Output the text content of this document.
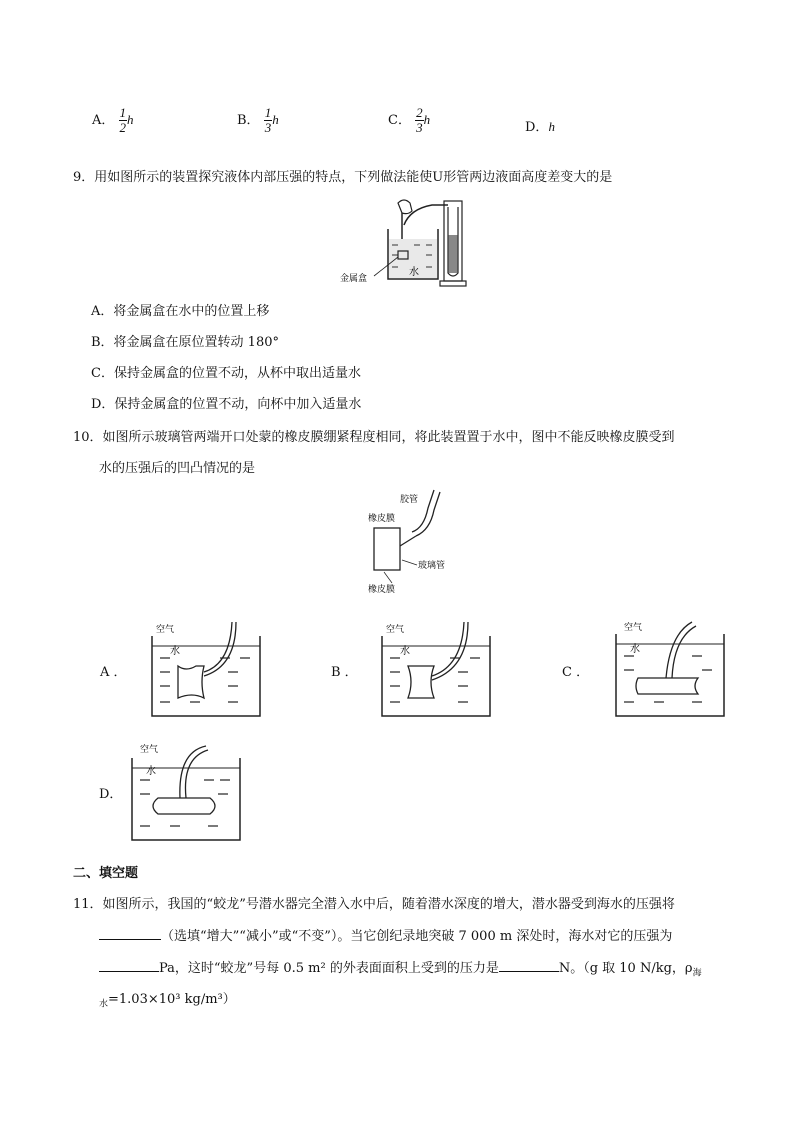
A． $\frac{1}{2}$ h	B． $\frac{1}{3}$ h	C． $\frac{2}{3}$ h
D．h
9．用如图所示的装置探究液体内部压强的特点，下列做法能使U形管两边液面高度差变大的是
金属盒
水
A．将金属盒在水中的位置上移
B．将金属盒在原位置转动 180°
C．保持金属盒的位置不动，从杯中取出适量水
D．保持金属盒的位置不动，向杯中加入适量水
10．如图所示玻璃管两端开口处蒙的橡皮膜绷紧程度相同，将此装置置于水中，图中不能反映橡皮膜受到
水的压强后的凹凸情况的是
胶管
橡皮膜
玻璃管
橡皮膜
A ．
空气
水
B ．
空气
水
C ．
空气
水
D．
空气
水
二、填空题
11．如图所示，我国的“蛟龙”号潜水器完全潜入水中后，随着潜水深度的增大，潜水器受到海水的压强将
（选填“增大”“减小”或“不变”）。当它创纪录地突破 7 000 m 深处时，海水对它的压强为
Pa，这时“蛟龙”号每 0.5 m² 的外表面面积上受到的压力是	N。（g 取 10 N/kg，$\rho_海$
$_水$=1.03×10³ kg/m³）
